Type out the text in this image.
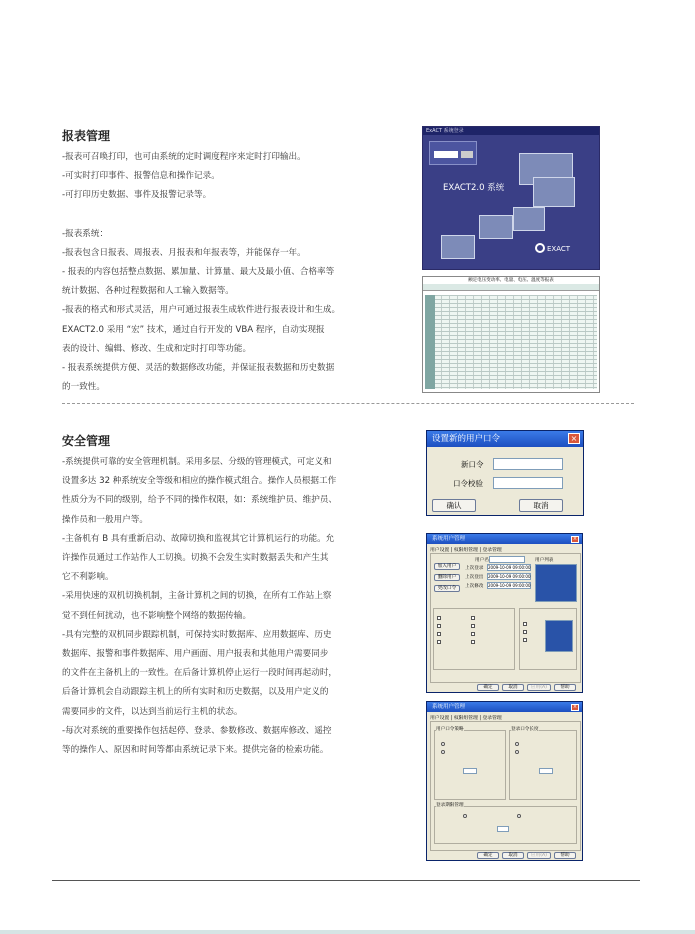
报表管理

-报表可召唤打印，也可由系统的定时调度程序来定时打印输出。

-可实时打印事件、报警信息和操作记录。

-可打印历史数据、事件及报警记录等。

-报表系统：

-报表包含日报表、周报表、月报表和年报表等，并能保存一年。

- 报表的内容包括整点数据、累加量、计算量、最大及最小值、合格率等

统计数据、各种过程数据和人工输入数据等。

-报表的格式和形式灵活，用户可通过报表生成软件进行报表设计和生成。

EXACT2.0 采用 “宏” 技术，通过自行开发的 VBA 程序，自动实现报

表的设计、编辑、修改、生成和定时打印等功能。

- 报表系统提供方便、灵活的数据修改功能，并保证报表数据和历史数据

的一致性。

ExACT 系统登录
EXACT2.0 系统
EXACT
额定电压变动率、电量、电压、温度等报表
安全管理

-系统提供可靠的安全管理机制。采用多层、分级的管理模式，可定义和

设置多达 32 种系统安全等级和相应的操作模式组合。操作人员根据工作

性质分为不同的级别，给予不同的操作权限，如：系统维护员、维护员、

操作员和一般用户等。

-主备机有 B 具有重新启动、故障切换和监视其它计算机运行的功能。允

许操作员通过工作站作人工切换。切换不会发生实时数据丢失和产生其

它不利影响。

-采用快速的双机切换机制，主备计算机之间的切换，在所有工作站上察

觉不到任何扰动，也不影响整个网络的数据传输。

-具有完整的双机同步跟踪机制，可保持实时数据库、应用数据库、历史

数据库、报警和事件数据库、用户画面、用户报表和其他用户需要同步

的文件在主备机上的一致性。在后备计算机停止运行一段时间再起动时，

后备计算机会自动跟踪主机上的所有实时和历史数据，以及用户定义的

需要同步的文件，以达到当前运行主机的状态。

-每次对系统的重要操作包括起停、登录、参数修改、数据库修改、遥控

等的操作人、原因和时间等都由系统记录下来。提供完备的检索功能。

设置新的用户口令	×
新口令
口令校验
确认	取消
系统用户管理	×
用户设置 | 权限组管理 | 登录管理
用户名	用户列表
加入用户
删除用户
更改口令
上次登录 2009-10-09 09:00:00
上次登出 2009-10-09 09:00:00
上次修改 2009-10-09 09:00:00
确定	取消	应用(A)	帮助
系统用户管理	×
用户设置 | 权限组管理 | 登录管理
用户口令策略	登录口令长度
登录期限管理
确定	取消	应用(A)	帮助
